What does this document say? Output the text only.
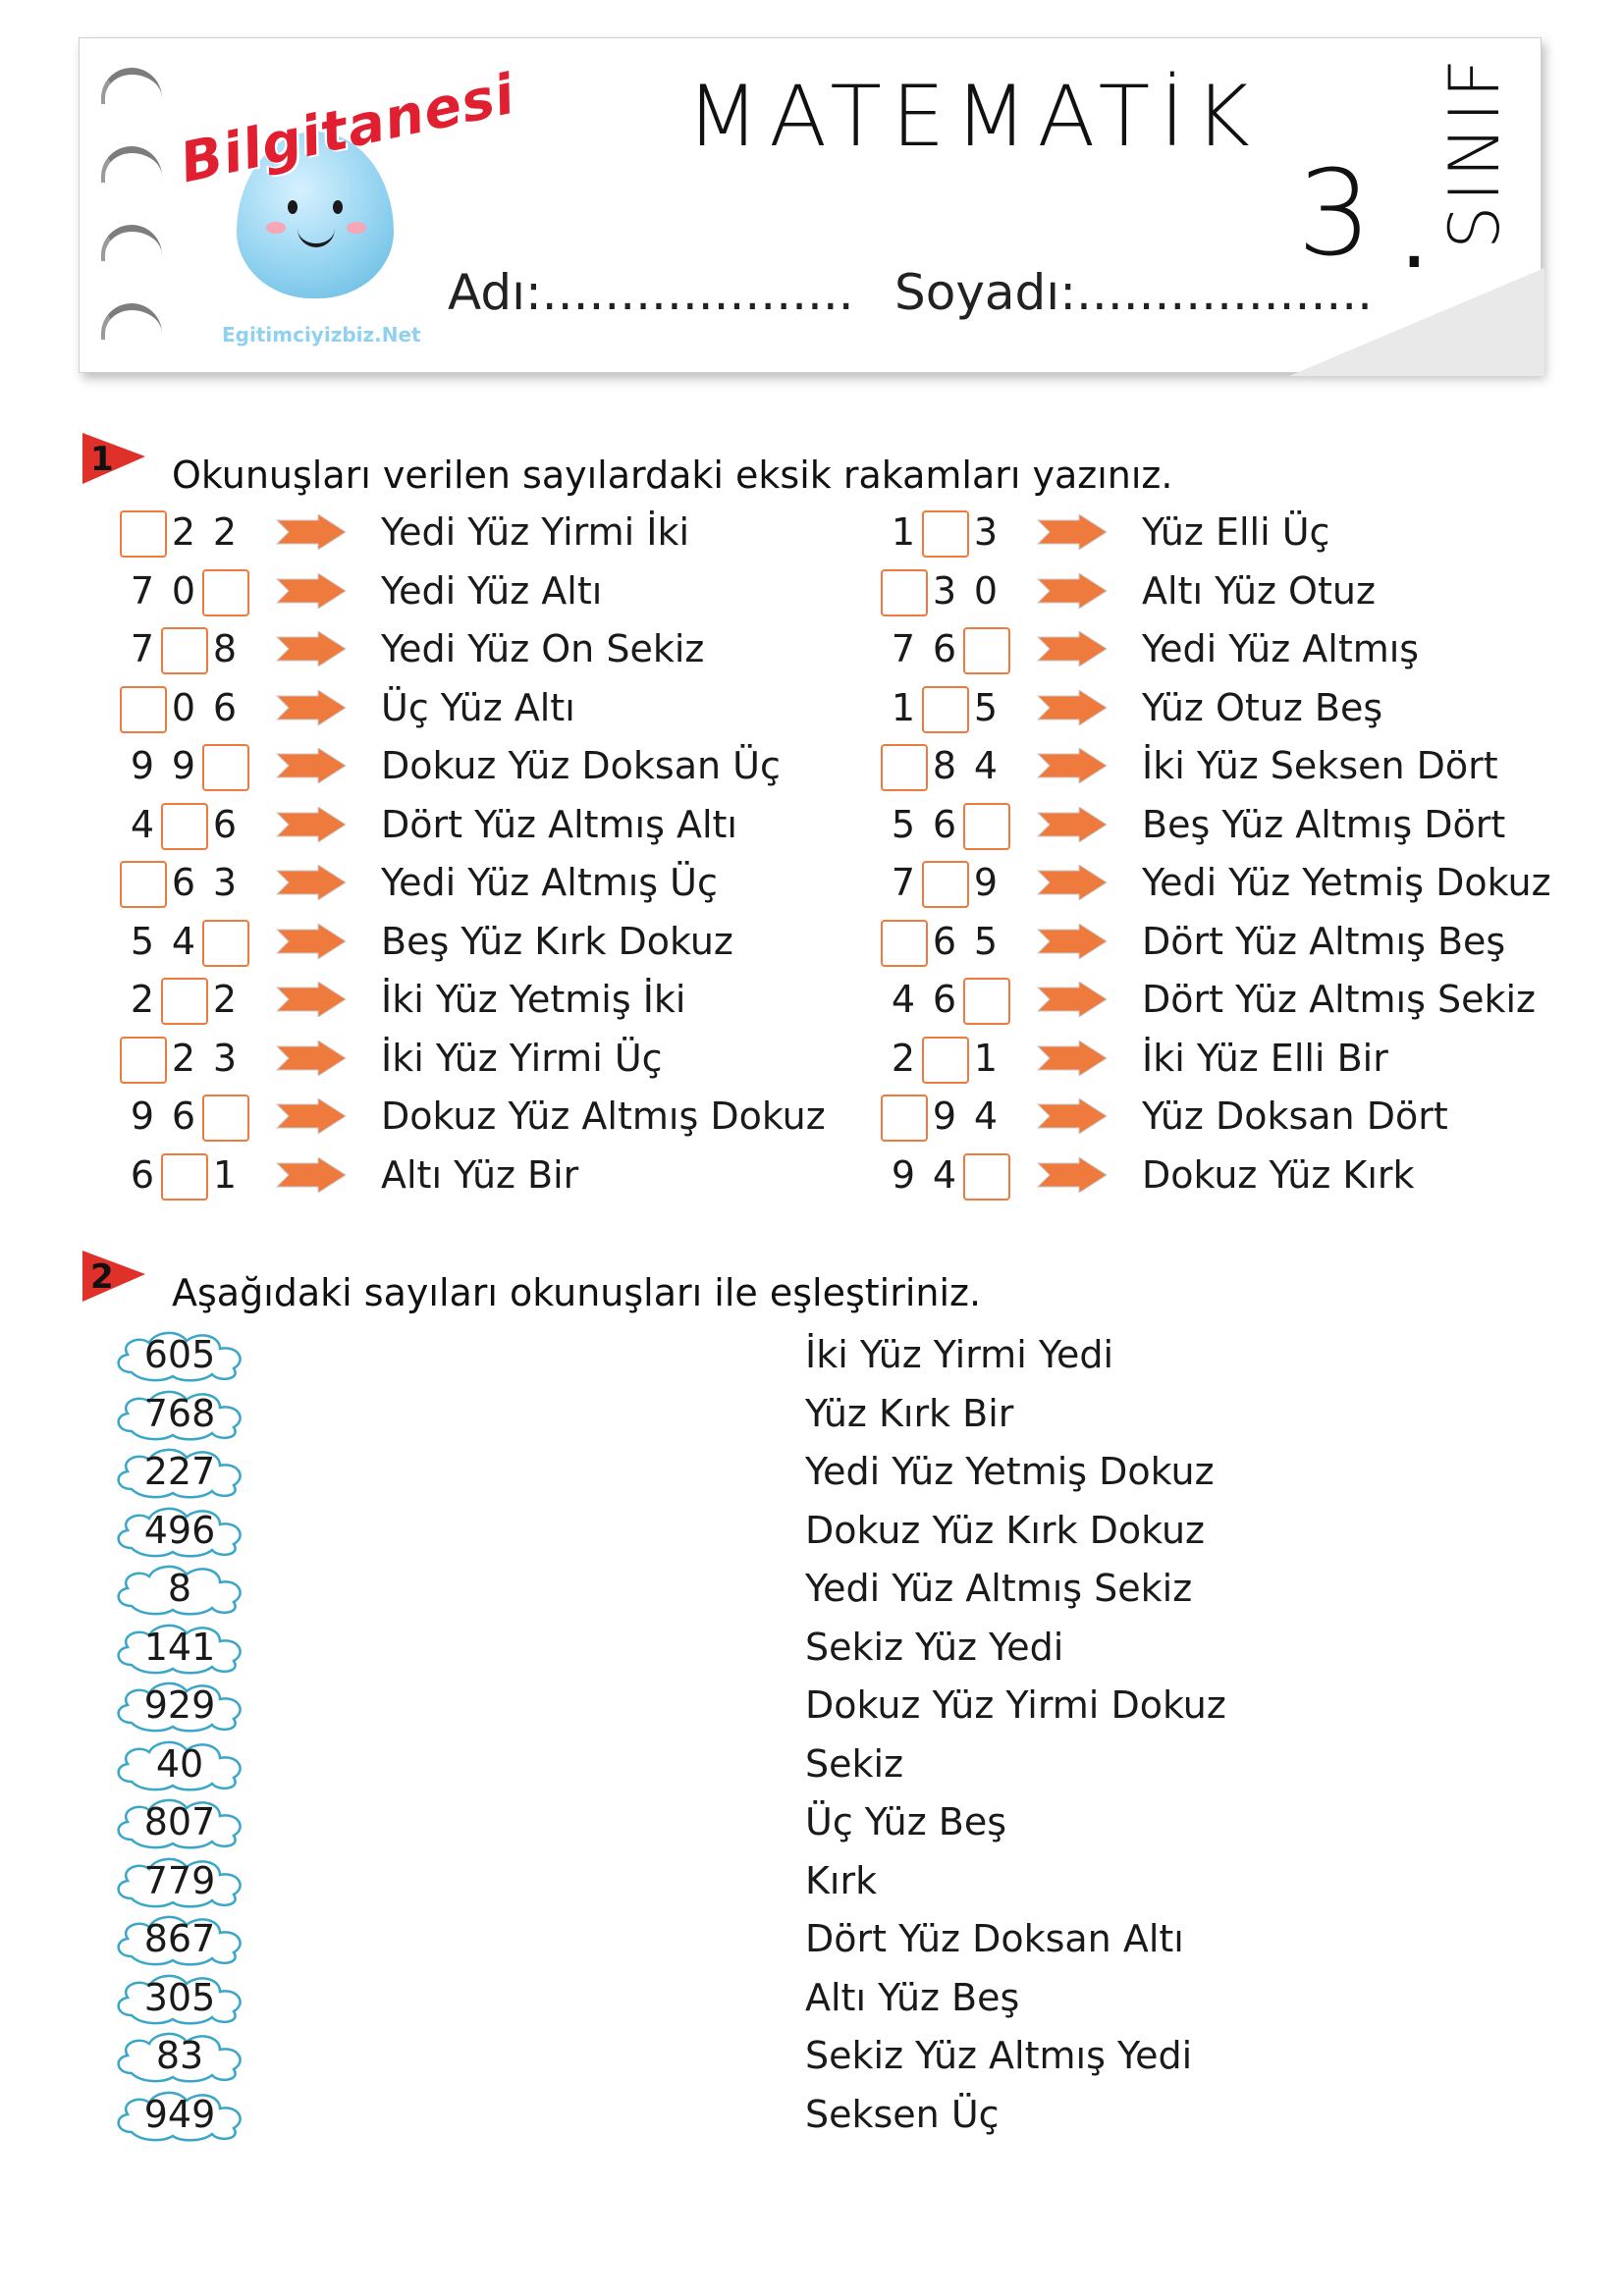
Bilgitanesi
Egitimciyizbiz.Net
MATEMATİK
3 . SINIF
Adı:.................... Soyadı:...................
1 Okunuşları verilen sayılardaki eksik rakamları yazınız.
2 2	Yedi Yüz Yirmi İki
7 0	Yedi Yüz Altı
7 8	Yedi Yüz On Sekiz
0 6	Üç Yüz Altı
9 9	Dokuz Yüz Doksan Üç
4 6	Dört Yüz Altmış Altı
6 3	Yedi Yüz Altmış Üç
5 4	Beş Yüz Kırk Dokuz
2 2	İki Yüz Yetmiş İki
2 3	İki Yüz Yirmi Üç
9 6	Dokuz Yüz Altmış Dokuz
6 1	Altı Yüz Bir
1 3	Yüz Elli Üç
3 0	Altı Yüz Otuz
7 6	Yedi Yüz Altmış
1 5	Yüz Otuz Beş
8 4	İki Yüz Seksen Dört
5 6	Beş Yüz Altmış Dört
7 9	Yedi Yüz Yetmiş Dokuz
6 5	Dört Yüz Altmış Beş
4 6	Dört Yüz Altmış Sekiz
2 1	İki Yüz Elli Bir
9 4	Yüz Doksan Dört
9 4	Dokuz Yüz Kırk
2 Aşağıdaki sayıları okunuşları ile eşleştiriniz.
605
768
227
496
8
141
929
40
807
779
867
305
83
949
İki Yüz Yirmi Yedi
Yüz Kırk Bir
Yedi Yüz Yetmiş Dokuz
Dokuz Yüz Kırk Dokuz
Yedi Yüz Altmış Sekiz
Sekiz Yüz Yedi
Dokuz Yüz Yirmi Dokuz
Sekiz
Üç Yüz Beş
Kırk
Dört Yüz Doksan Altı
Altı Yüz Beş
Sekiz Yüz Altmış Yedi
Seksen Üç
